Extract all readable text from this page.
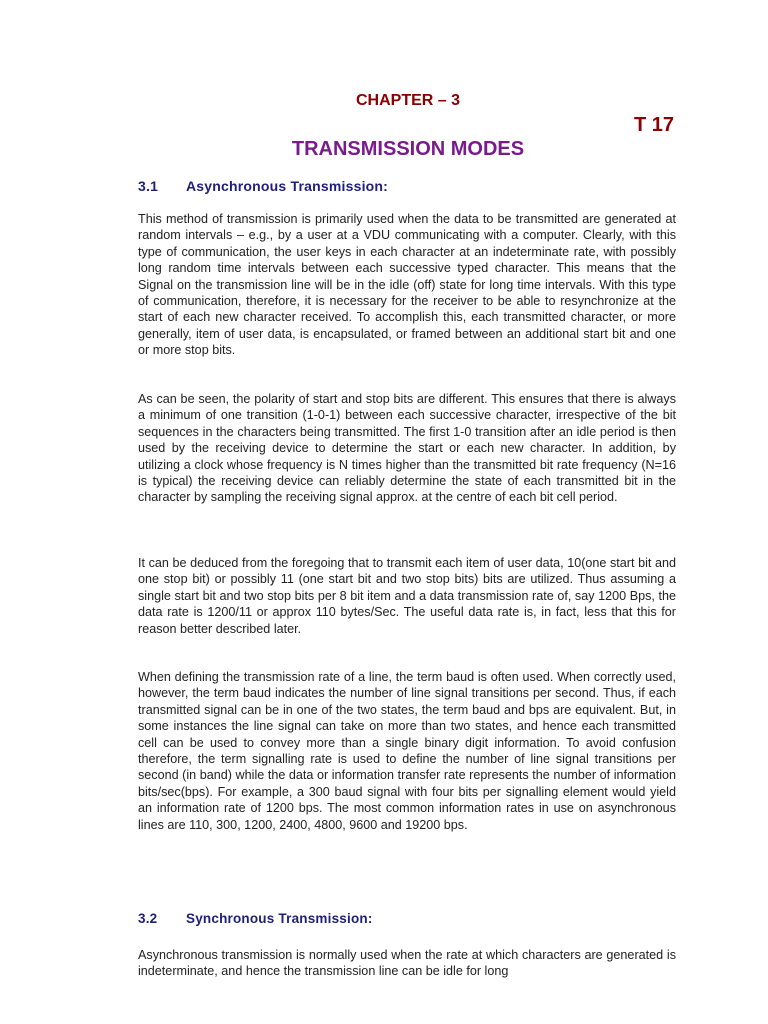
CHAPTER – 3
T 17
TRANSMISSION MODES
3.1 Asynchronous Transmission:

This method of transmission is primarily used when the data to be transmitted are generated at random intervals – e.g., by a user at a VDU communicating with a computer. Clearly, with this type of communication, the user keys in each character at an indeterminate rate, with possibly long random time intervals between each successive typed character. This means that the Signal on the transmission line will be in the idle (off) state for long time intervals. With this type of communication, therefore, it is necessary for the receiver to be able to resynchronize at the start of each new character received. To accomplish this, each transmitted character, or more generally, item of user data, is encapsulated, or framed between an additional start bit and one or more stop bits.

As can be seen, the polarity of start and stop bits are different. This ensures that there is always a minimum of one transition (1-0-1) between each successive character, irrespective of the bit sequences in the characters being transmitted. The first 1-0 transition after an idle period is then used by the receiving device to determine the start or each new character. In addition, by utilizing a clock whose frequency is N times higher than the transmitted bit rate frequency (N=16 is typical) the receiving device can reliably determine the state of each transmitted bit in the character by sampling the receiving signal approx. at the centre of each bit cell period.

It can be deduced from the foregoing that to transmit each item of user data, 10(one start bit and one stop bit) or possibly 11 (one start bit and two stop bits) bits are utilized. Thus assuming a single start bit and two stop bits per 8 bit item and a data transmission rate of, say 1200 Bps, the data rate is 1200/11 or approx 110 bytes/Sec. The useful data rate is, in fact, less that this for reason better described later.

When defining the transmission rate of a line, the term baud is often used. When correctly used, however, the term baud indicates the number of line signal transitions per second. Thus, if each transmitted signal can be in one of the two states, the term baud and bps are equivalent. But, in some instances the line signal can take on more than two states, and hence each transmitted cell can be used to convey more than a single binary digit information. To avoid confusion therefore, the term signalling rate is used to define the number of line signal transitions per second (in band) while the data or information transfer rate represents the number of information bits/sec(bps). For example, a 300 baud signal with four bits per signalling element would yield an information rate of 1200 bps. The most common information rates in use on asynchronous lines are 110, 300, 1200, 2400, 4800, 9600 and 19200 bps.

3.2 Synchronous Transmission:

Asynchronous transmission is normally used when the rate at which characters are generated is indeterminate, and hence the transmission line can be idle for long
